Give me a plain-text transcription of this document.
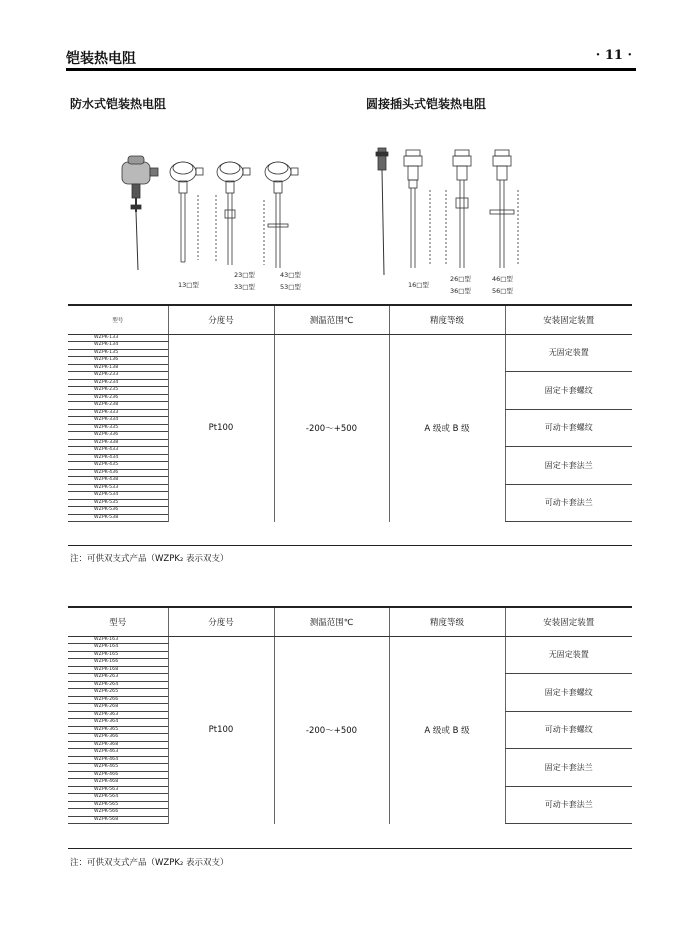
铠装热电阻	· 11 ·
防水式铠装热电阻	圆接插头式铠装热电阻
13□型
23□型
33□型
43□型
53□型	16□型
26□型
36□型
46□型
56□型
型号	分度号	测温范围℃	精度等级	安装固定装置
WZPK-133	Pt100	-200～+500	A 级或 B 级	无固定装置
WZPK-134				
WZPK-135				
WZPK-136				
WZPK-138				
WZPK-233				固定卡套螺纹
WZPK-234				
WZPK-235				
WZPK-236				
WZPK-238				
WZPK-333				可动卡套螺纹
WZPK-334				
WZPK-335				
WZPK-336				
WZPK-338				
WZPK-433				固定卡套法兰
WZPK-434				
WZPK-435				
WZPK-436				
WZPK-438				
WZPK-533				可动卡套法兰
WZPK-534				
WZPK-535				
WZPK-536				
WZPK-538				
注：可供双支式产品（WZPK₂ 表示双支）
型号	分度号	测温范围℃	精度等级	安装固定装置
WZPK-163	Pt100	-200～+500	A 级或 B 级	无固定装置
WZPK-164				
WZPK-165				
WZPK-166				
WZPK-168				
WZPK-263				固定卡套螺纹
WZPK-264				
WZPK-265				
WZPK-266				
WZPK-268				
WZPK-363				可动卡套螺纹
WZPK-364				
WZPK-365				
WZPK-366				
WZPK-368				
WZPK-463				固定卡套法兰
WZPK-464				
WZPK-465				
WZPK-466				
WZPK-468				
WZPK-563				可动卡套法兰
WZPK-564				
WZPK-565				
WZPK-566				
WZPK-568				
注：可供双支式产品（WZPK₂ 表示双支）
